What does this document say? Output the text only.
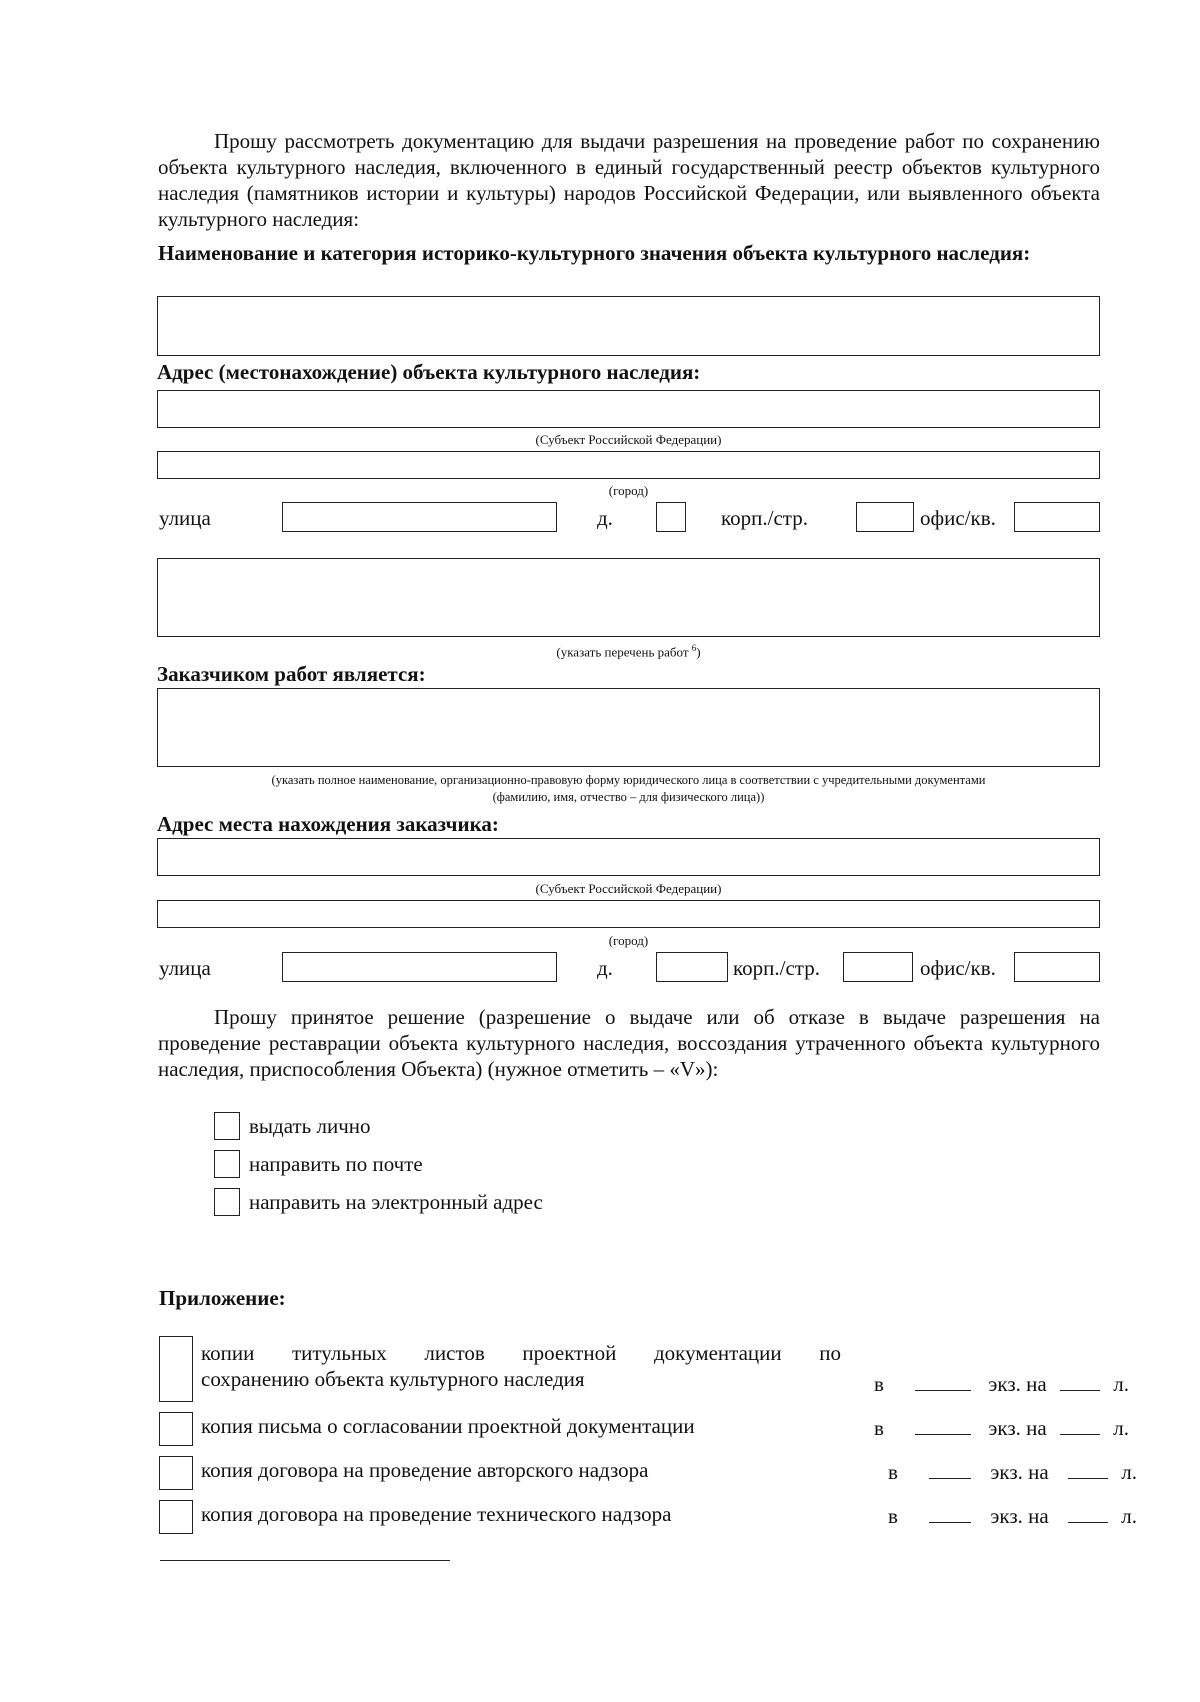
Прошу рассмотреть документацию для выдачи разрешения на проведение работ по сохранению объекта культурного наследия, включенного в единый государственный реестр объектов культурного наследия (памятников истории и культуры) народов Российской Федерации, или выявленного объекта культурного наследия:

Наименование и категория историко-культурного значения объекта культурного наследия:

Адрес (местонахождение) объекта культурного наследия:
(Субъект Российской Федерации)
(город)
улица	д.	корп./стр.	офис/кв.
(указать перечень работ $^6$)
Заказчиком работ является:
(указать полное наименование, организационно-правовую форму юридического лица в соответствии с учредительными документами
(фамилию, имя, отчество – для физического лица))
Адрес места нахождения заказчика:
(Субъект Российской Федерации)
(город)
улица	д.	корп./стр.	офис/кв.

Прошу принятое решение (разрешение о выдаче или об отказе в выдаче разрешения на проведение реставрации объекта культурного наследия, воссоздания утраченного объекта культурного наследия, приспособления Объекта) (нужное отметить – «V»):

выдать лично
направить по почте
направить на электронный адрес
Приложение:
копии титульных листов проектной документации по
сохранению объекта культурного наследия	в	экз. на	л.
копия письма о согласовании проектной документации	в	экз. на	л.
копия договора на проведение авторского надзора	в	экз. на	л.
копия договора на проведение технического надзора	в	экз. на	л.
